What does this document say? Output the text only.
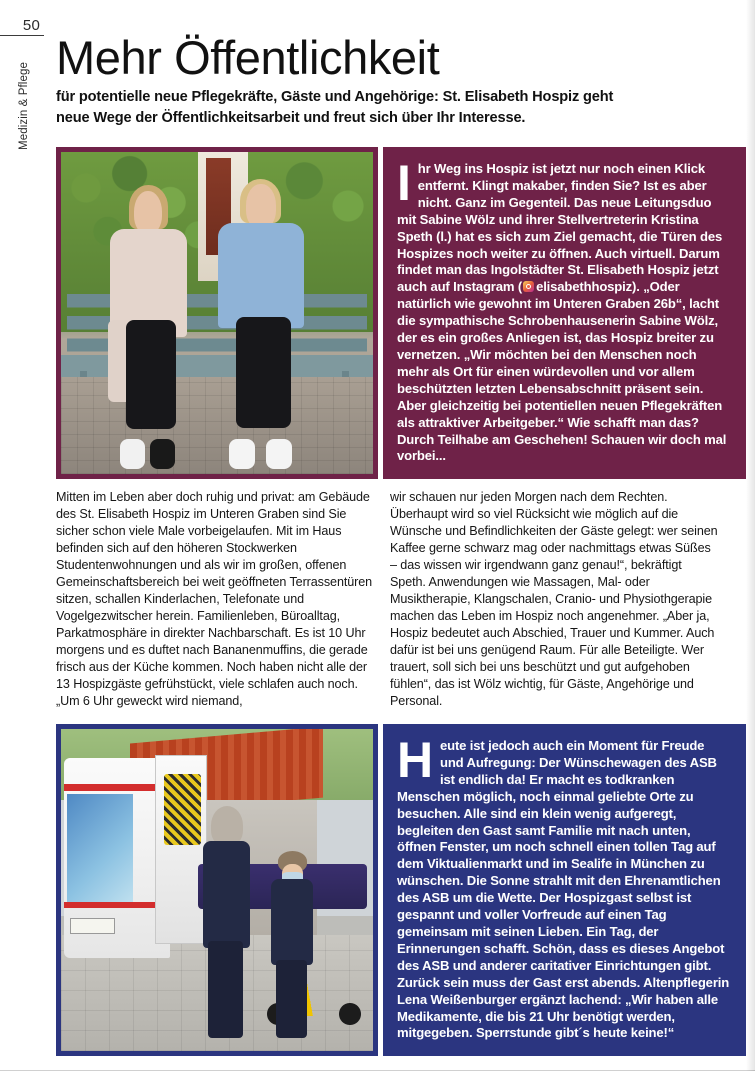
50
Medizin & Pflege
Mehr Öffentlichkeit
für potentielle neue Pflegekräfte, Gäste und Angehörige: St. Elisabeth Hospiz geht
neue Wege der Öffentlichkeitsarbeit und freut sich über Ihr Interesse.

Ihr Weg ins Hospiz ist jetzt nur noch einen Klick entfernt. Klingt makaber, finden Sie? Ist es aber nicht. Ganz im Gegenteil. Das neue Leitungsduo mit Sabine Wölz und ihrer Stellvertreterin Kristina Speth (l.) hat es sich zum Ziel gemacht, die Türen des Hospizes noch weiter zu öffnen. Auch virtuell. Darum findet man das Ingolstädter St. Elisabeth Hospiz jetzt auch auf Instagram ( elisabethhospiz). „Oder natürlich wie gewohnt im Unteren Graben 26b“, lacht die sympathische Schrobenhausenerin Sabine Wölz, der es ein großes Anliegen ist, das Hospiz breiter zu vernetzen. „Wir möchten bei den Menschen noch mehr als Ort für einen würdevollen und vor allem beschützten letzten Lebensabschnitt präsent sein. Aber gleichzeitig bei potentiellen neuen Pflegekräften als attraktiver Arbeitgeber.“ Wie schafft man das? Durch Teilhabe am Geschehen! Schauen wir doch mal vorbei...

Mitten im Leben aber doch ruhig und privat: am Gebäude des St. Elisabeth Hospiz im Unteren Graben sind Sie sicher schon viele Male vorbeigelaufen. Mit im Haus befinden sich auf den höheren Stockwerken Studentenwohnungen und als wir im großen, offenen Gemeinschaftsbereich bei weit geöffneten Terrassentüren sitzen, schallen Kinderlachen, Telefonate und Vogelgezwitscher herein. Familienleben, Büroalltag, Parkatmosphäre in direkter Nachbarschaft. Es ist 10 Uhr morgens und es duftet nach Bananenmuffins, die gerade frisch aus der Küche kommen. Noch haben nicht alle der 13 Hospizgäste gefrühstückt, viele schlafen auch noch. „Um 6 Uhr geweckt wird niemand,

wir schauen nur jeden Morgen nach dem Rechten. Überhaupt wird so viel Rücksicht wie möglich auf die Wünsche und Befindlichkeiten der Gäste gelegt: wer seinen Kaffee gerne schwarz mag oder nachmittags etwas Süßes – das wissen wir irgendwann ganz genau!“, bekräftigt Speth. Anwendungen wie Massagen, Mal- oder Musiktherapie, Klangschalen, Cranio- und Physiothgerapie machen das Leben im Hospiz noch angenehmer. „Aber ja, Hospiz bedeutet auch Abschied, Trauer und Kummer. Auch dafür ist bei uns genügend Raum. Für alle Beteiligte. Wer trauert, soll sich bei uns beschützt und gut aufgehoben fühlen“, das ist Wölz wichtig, für Gäste, Angehörige und Personal.

Heute ist jedoch auch ein Moment für Freude und Aufregung: Der Wünschewagen des ASB ist endlich da! Er macht es todkranken Menschen möglich, noch einmal geliebte Orte zu besuchen. Alle sind ein klein wenig aufgeregt, begleiten den Gast samt Familie mit nach unten, öffnen Fenster, um noch schnell einen tollen Tag auf dem Viktualienmarkt und im Sealife in München zu wünschen. Die Sonne strahlt mit den Ehrenamtlichen des ASB um die Wette. Der Hospizgast selbst ist gespannt und voller Vorfreude auf einen Tag gemeinsam mit seinen Lieben. Ein Tag, der Erinnerungen schafft. Schön, dass es dieses Angebot des ASB und anderer caritativer Einrichtungen gibt. Zurück sein muss der Gast erst abends. Altenpflegerin Lena Weißenburger ergänzt lachend: „Wir haben alle Medikamente, die bis 21 Uhr benötigt werden, mitgegeben. Sperrstunde gibt´s heute keine!“
